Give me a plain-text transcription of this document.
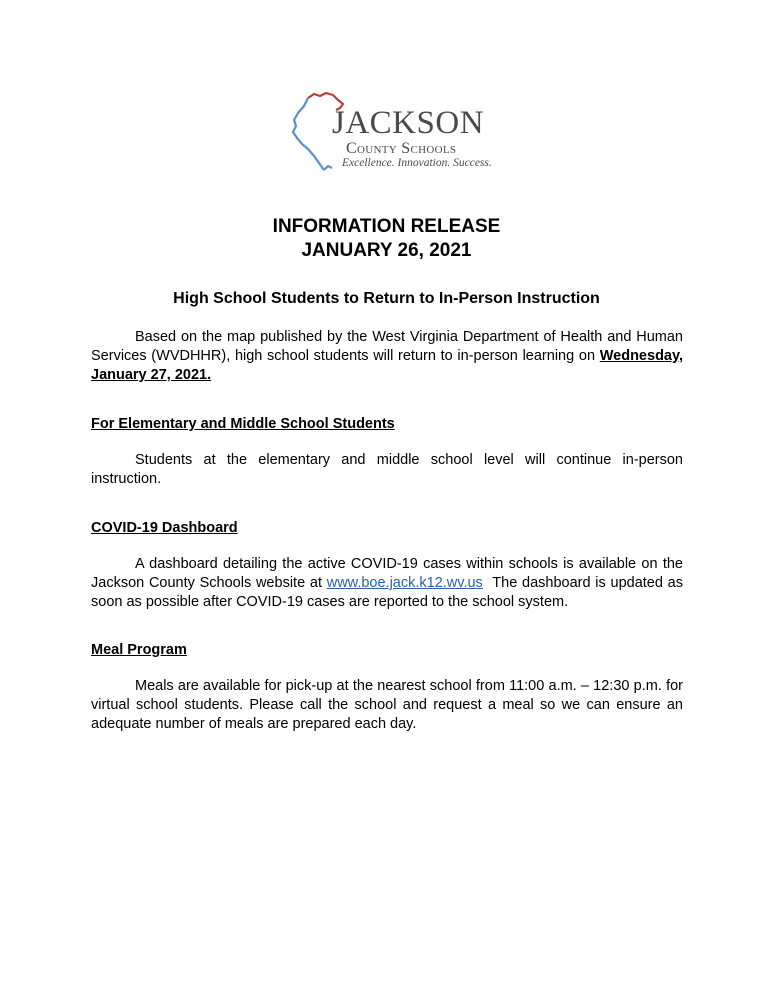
JACKSON
County Schools
Excellence. Innovation. Success.
INFORMATION RELEASE
JANUARY 26, 2021
High School Students to Return to In-Person Instruction

Based on the map published by the West Virginia Department of Health and Human Services (WVDHHR), high school students will return to in-person learning on Wednesday, January 27, 2021.

For Elementary and Middle School Students

Students at the elementary and middle school level will continue in-person instruction.

COVID-19 Dashboard

A dashboard detailing the active COVID-19 cases within schools is available on the Jackson County Schools website at www.boe.jack.k12.wv.us The dashboard is updated as soon as possible after COVID-19 cases are reported to the school system.

Meal Program

Meals are available for pick-up at the nearest school from 11:00 a.m. – 12:30 p.m. for virtual school students. Please call the school and request a meal so we can ensure an adequate number of meals are prepared each day.
